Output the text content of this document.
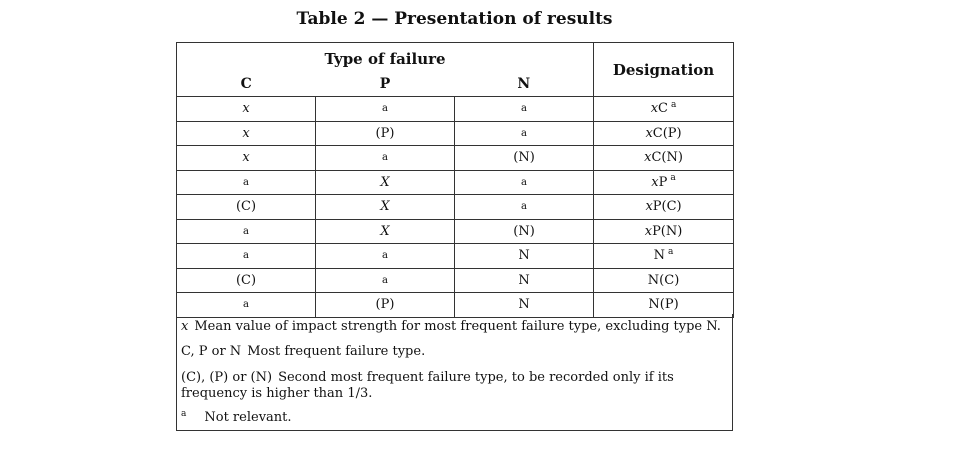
Table 2 — Presentation of results
Type of failure			Designation
C	P	N	
x	a	a	xC $^a$
x	(P)	a	xC(P)
x	a	(N)	xC(N)
a	X	a	xP $^a$
(C)	X	a	xP(C)
a	X	(N)	xP(N)
a	a	N	N $^a$
(C)	a	N	N(C)
a	(P)	N	N(P)
x Mean value of impact strength for most frequent failure type, excluding type N.
C, P or N Most frequent failure type.
(C), (P) or (N) Second most frequent failure type, to be recorded only if its frequency is higher than 1/3.
$^a$ Not relevant.
